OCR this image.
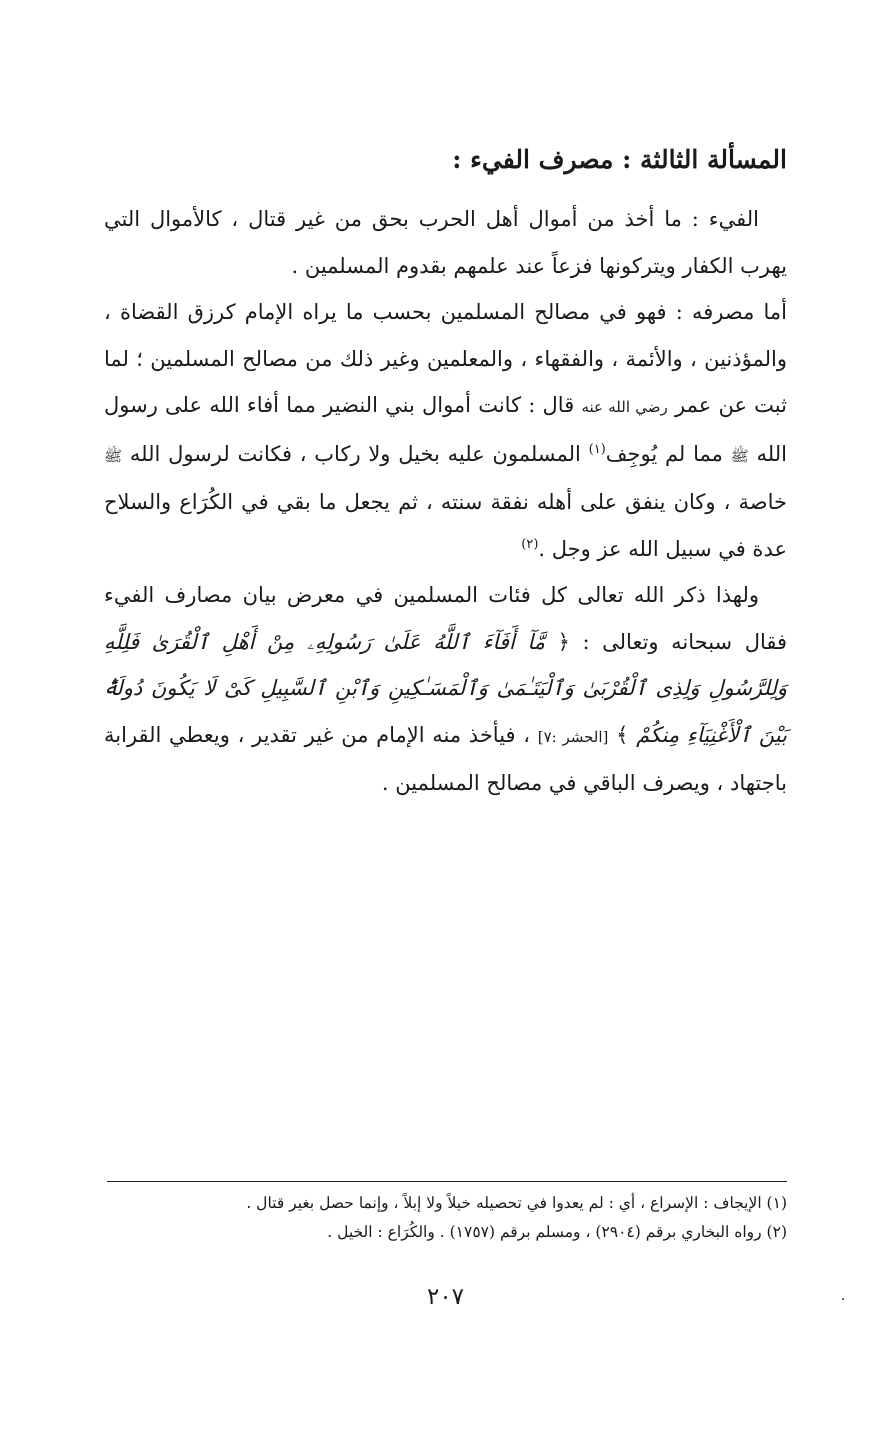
المسألة الثالثة : مصرف الفيء :

الفيء : ما أخذ من أموال أهل الحرب بحق من غير قتال ، كالأموال التي يهرب الكفار ويتركونها فزعاً عند علمهم بقدوم المسلمين .

أما مصرفه : فهو في مصالح المسلمين بحسب ما يراه الإمام كرزق القضاة ، والمؤذنين ، والأئمة ، والفقهاء ، والمعلمين وغير ذلك من مصالح المسلمين ؛ لما ثبت عن عمر رضي الله عنه قال : كانت أموال بني النضير مما أفاء الله على رسول الله ﷺ مما لم يُوجِف$^{(١)}$ المسلمون عليه بخيل ولا ركاب ، فكانت لرسول الله ﷺ خاصة ، وكان ينفق على أهله نفقة سنته ، ثم يجعل ما بقي في الكُرَاع والسلاح عدة في سبيل الله عز وجل .$^{(٢)}$

ولهذا ذكر الله تعالى كل فئات المسلمين في معرض بيان مصارف الفيء فقال سبحانه وتعالى : ﴿ مَّآ أَفَآءَ ٱللَّهُ عَلَىٰ رَسُولِهِۦ مِنْ أَهْلِ ٱلْقُرَىٰ فَلِلَّهِ وَلِلرَّسُولِ وَلِذِى ٱلْقُرْبَىٰ وَٱلْيَتَـٰمَىٰ وَٱلْمَسَـٰكِينِ وَٱبْنِ ٱلسَّبِيلِ كَىْ لَا يَكُونَ دُولَةًۢ بَيْنَ ٱلْأَغْنِيَآءِ مِنكُمْ ﴾ [الحشر :٧] ، فيأخذ منه الإمام من غير تقدير ، ويعطي القرابة باجتهاد ، ويصرف الباقي في مصالح المسلمين .

(١) الإيجاف : الإسراع ، أي : لم يعدوا في تحصيله خيلاً ولا إبلاً ، وإنما حصل بغير قتال .

(٢) رواه البخاري برقم (٢٩٠٤) ، ومسلم برقم (١٧٥٧) . والكُرَاع : الخيل .

٢٠٧
